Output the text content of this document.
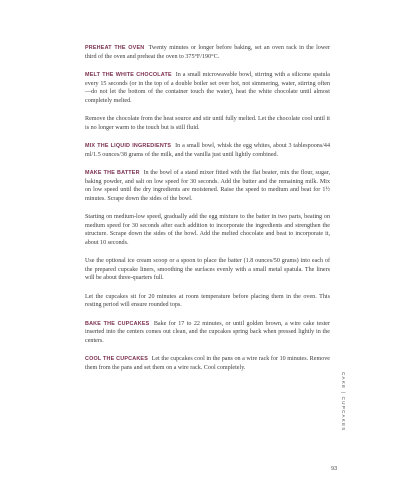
PREHEAT THE OVEN Twenty minutes or longer before baking, set an oven rack in the lower third of the oven and preheat the oven to 375°F/190°C.

MELT THE WHITE CHOCOLATE In a small microwavable bowl, stirring with a silicone spatula every 15 seconds (or in the top of a double boiler set over hot, not simmering, water, stirring often—do not let the bottom of the container touch the water), heat the white chocolate until almost completely melted.

Remove the chocolate from the heat source and stir until fully melted. Let the chocolate cool until it is no longer warm to the touch but is still fluid.

MIX THE LIQUID INGREDIENTS In a small bowl, whisk the egg whites, about 3 tablespoons/44 ml/1.5 ounces/38 grams of the milk, and the vanilla just until lightly combined.

MAKE THE BATTER In the bowl of a stand mixer fitted with the flat beater, mix the flour, sugar, baking powder, and salt on low speed for 30 seconds. Add the butter and the remaining milk. Mix on low speed until the dry ingredients are moistened. Raise the speed to medium and beat for 1½ minutes. Scrape down the sides of the bowl.

Starting on medium-low speed, gradually add the egg mixture to the batter in two parts, beating on medium speed for 30 seconds after each addition to incorporate the ingredients and strengthen the structure. Scrape down the sides of the bowl. Add the melted chocolate and beat to incorporate it, about 10 seconds.

Use the optional ice cream scoop or a spoon to place the batter (1.8 ounces/50 grams) into each of the prepared cupcake liners, smoothing the surfaces evenly with a small metal spatula. The liners will be about three-quarters full.

Let the cupcakes sit for 20 minutes at room temperature before placing them in the oven. This resting period will ensure rounded tops.

BAKE THE CUPCAKES Bake for 17 to 22 minutes, or until golden brown, a wire cake tester inserted into the centers comes out clean, and the cupcakes spring back when pressed lightly in the centers.

COOL THE CUPCAKES Let the cupcakes cool in the pans on a wire rack for 10 minutes. Remove them from the pans and set them on a wire rack. Cool completely.

CAKE | CUPCAKES
93
